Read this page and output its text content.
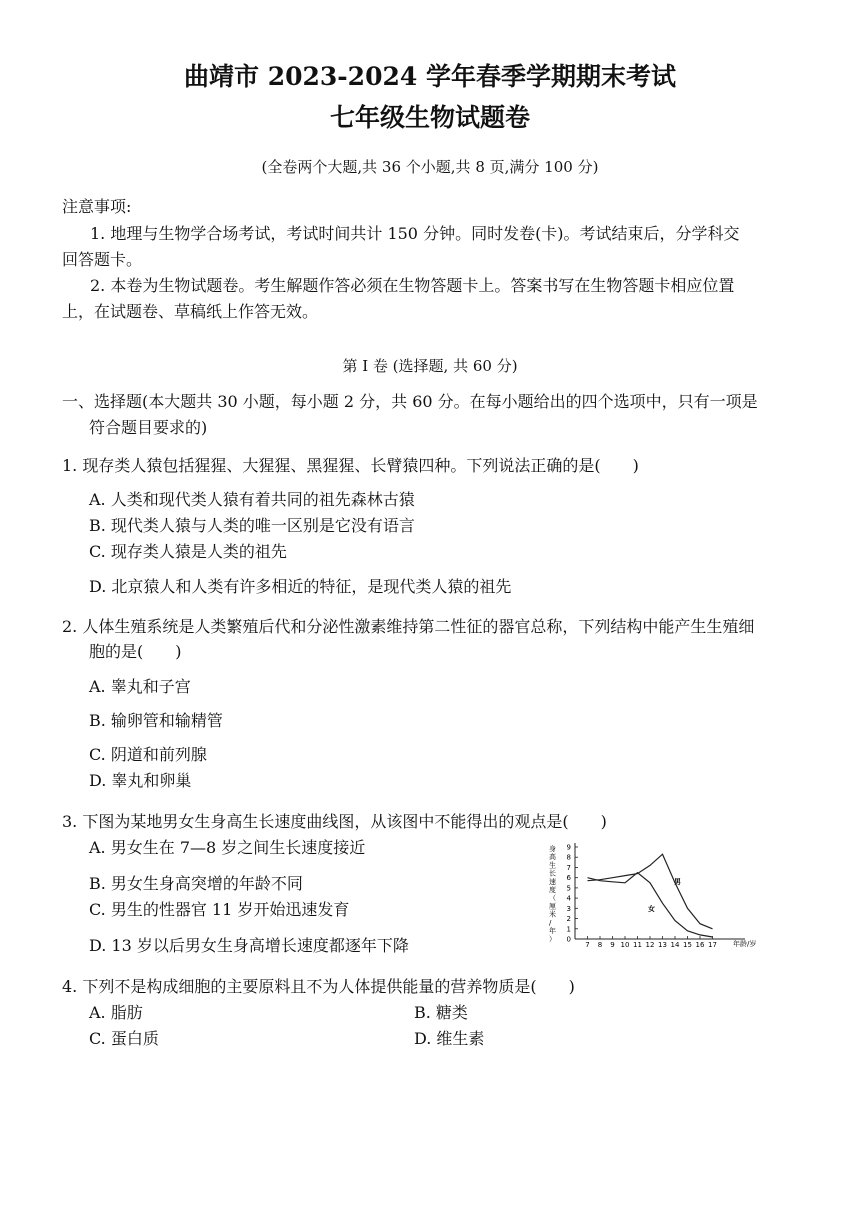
曲靖市 2023-2024 学年春季学期期末考试
七年级生物试题卷
(全卷两个大题,共 36 个小题,共 8 页,满分 100 分)
注意事项:
1. 地理与生物学合场考试，考试时间共计 150 分钟。同时发卷(卡)。考试结束后，分学科交
回答题卡。
2. 本卷为生物试题卷。考生解题作答必须在生物答题卡上。答案书写在生物答题卡相应位置
上，在试题卷、草稿纸上作答无效。
第 I 卷 (选择题, 共 60 分)
一、选择题(本大题共 30 小题，每小题 2 分，共 60 分。在每小题给出的四个选项中，只有一项是
符合题目要求的)
1. 现存类人猿包括猩猩、大猩猩、黑猩猩、长臂猿四种。下列说法正确的是(　　)
A. 人类和现代类人猿有着共同的祖先森林古猿
B. 现代类人猿与人类的唯一区别是它没有语言
C. 现存类人猿是人类的祖先
D. 北京猿人和人类有许多相近的特征，是现代类人猿的祖先
2. 人体生殖系统是人类繁殖后代和分泌性激素维持第二性征的器官总称，下列结构中能产生生殖细
胞的是(　　)
A. 睾丸和子宫
B. 输卵管和输精管
C. 阴道和前列腺
D. 睾丸和卵巢
3. 下图为某地男女生身高生长速度曲线图，从该图中不能得出的观点是(　　)
A. 男女生在 7—8 岁之间生长速度接近
B. 男女生身高突增的年龄不同
C. 男生的性器官 11 岁开始迅速发育
D. 13 岁以后男女生身高增长速度都逐年下降
身
高
生
长
速
度
（
厘
米
/
年
） 0
1
2
3
4
5
6
7
8
9
7 8 9 10 11 12 13 14 15 16 17
男
女
年龄/岁
4. 下列不是构成细胞的主要原料且不为人体提供能量的营养物质是(　　)
A. 脂肪	B. 糖类
C. 蛋白质	D. 维生素
